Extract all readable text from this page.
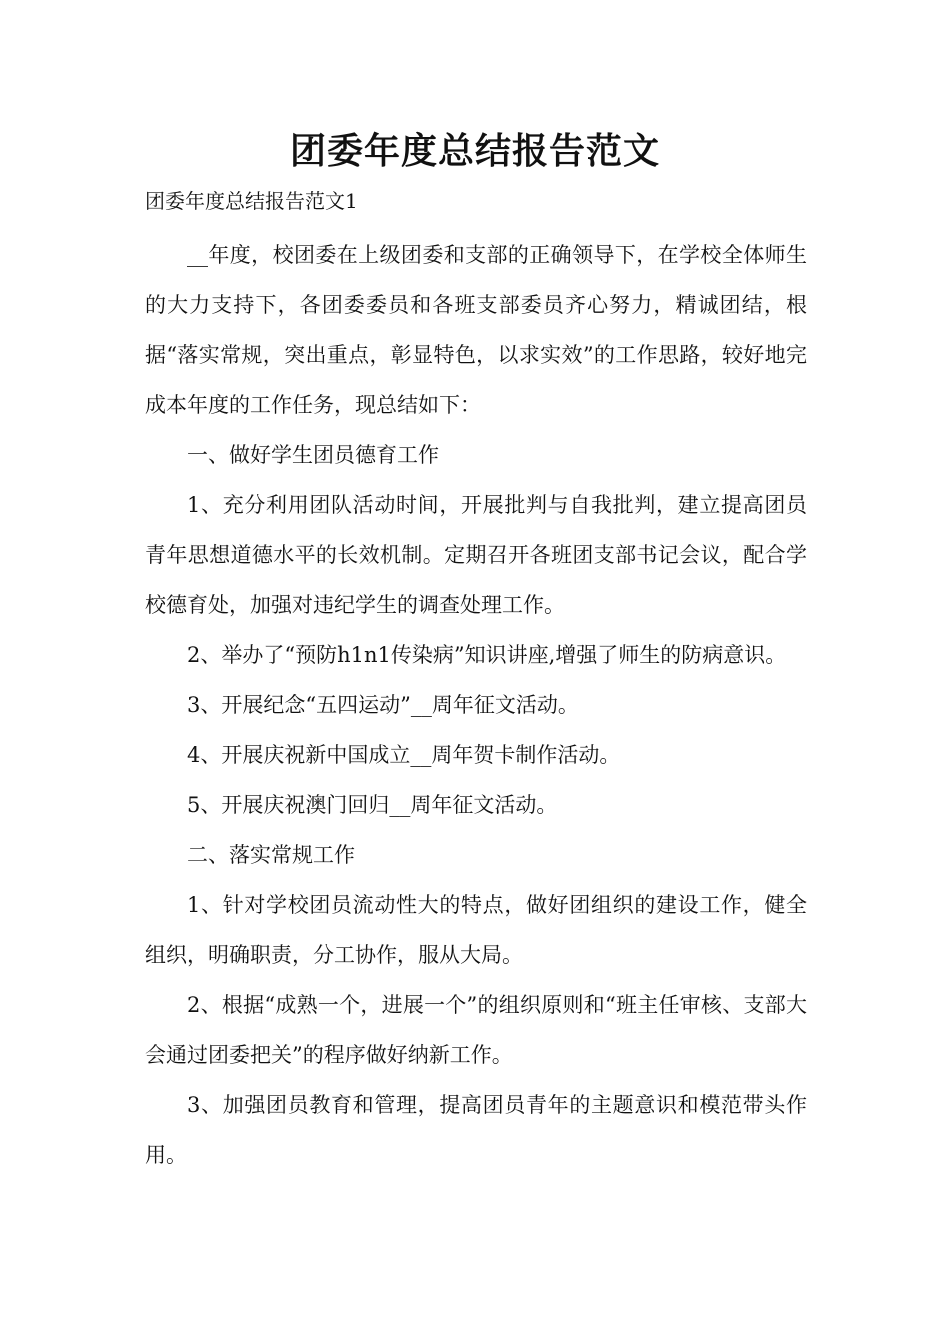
团委年度总结报告范文
团委年度总结报告范文1

__年度，校团委在上级团委和支部的正确领导下，在学校全体师生的大力支持下，各团委委员和各班支部委员齐心努力，精诚团结，根据“落实常规，突出重点，彰显特色，以求实效”的工作思路，较好地完成本年度的工作任务，现总结如下：

一、做好学生团员德育工作

1、充分利用团队活动时间，开展批判与自我批判，建立提高团员青年思想道德水平的长效机制。定期召开各班团支部书记会议，配合学校德育处，加强对违纪学生的调查处理工作。

2、举办了“预防h1n1传染病”知识讲座,增强了师生的防病意识。

3、开展纪念“五四运动”__周年征文活动。

4、开展庆祝新中国成立__周年贺卡制作活动。

5、开展庆祝澳门回归__周年征文活动。

二、落实常规工作

1、针对学校团员流动性大的特点，做好团组织的建设工作，健全组织，明确职责，分工协作，服从大局。

2、根据“成熟一个，进展一个”的组织原则和“班主任审核、支部大会通过团委把关”的程序做好纳新工作。

3、加强团员教育和管理，提高团员青年的主题意识和模范带头作用。
